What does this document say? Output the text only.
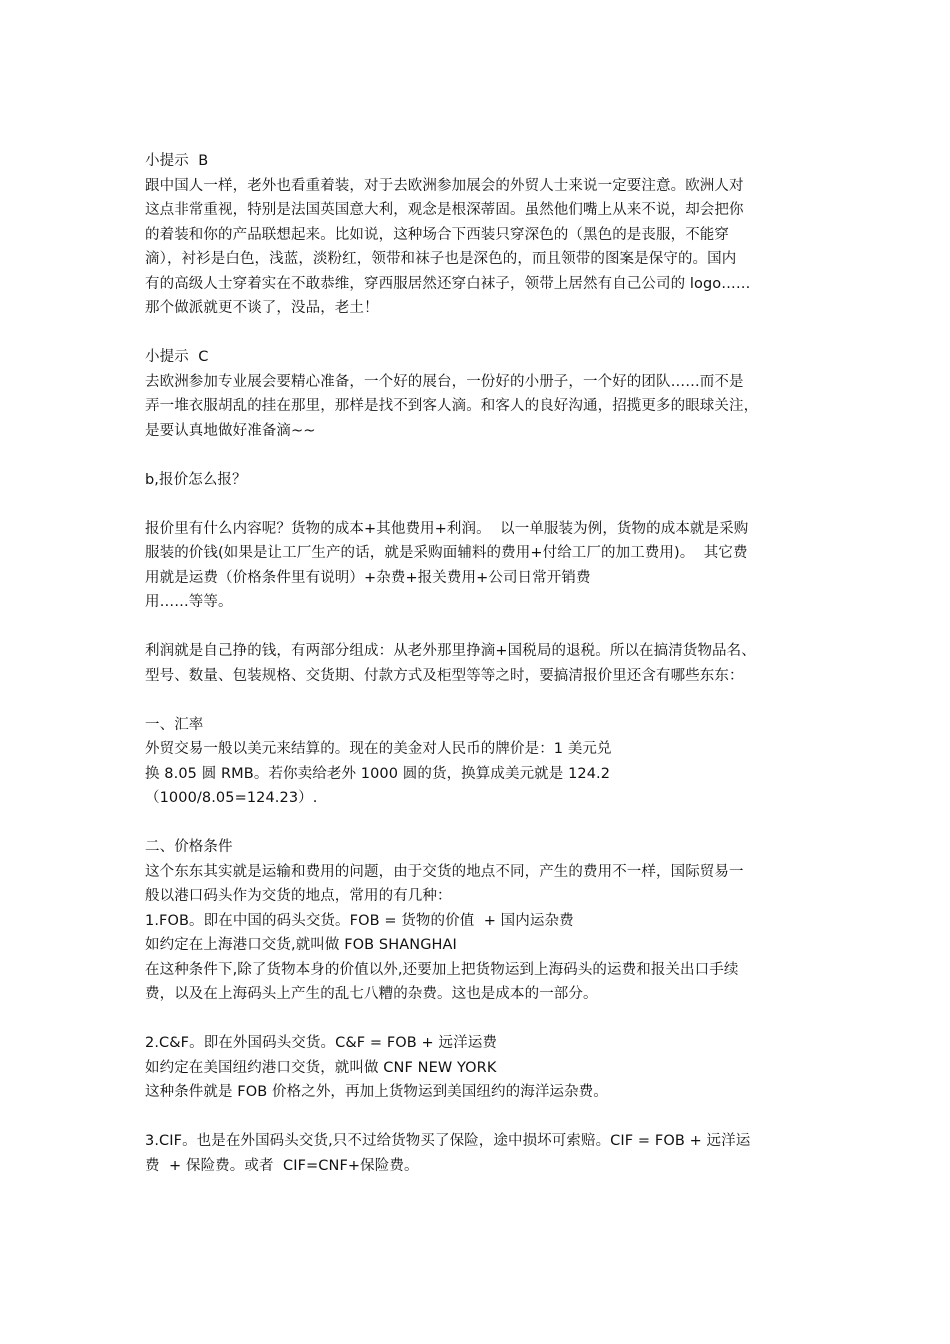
小提示  B
跟中国人一样，老外也看重着装，对于去欧洲参加展会的外贸人士来说一定要注意。欧洲人对
这点非常重视，特别是法国英国意大利，观念是根深蒂固。虽然他们嘴上从来不说，却会把你
的着装和你的产品联想起来。比如说，这种场合下西装只穿深色的（黑色的是丧服，不能穿
滴），衬衫是白色，浅蓝，淡粉红，领带和袜子也是深色的，而且领带的图案是保守的。国内
有的高级人士穿着实在不敢恭维，穿西服居然还穿白袜子，领带上居然有自己公司的 logo……
那个做派就更不谈了，没品，老土！
小提示  C
去欧洲参加专业展会要精心准备，一个好的展台，一份好的小册子，一个好的团队……而不是
弄一堆衣服胡乱的挂在那里，那样是找不到客人滴。和客人的良好沟通，招揽更多的眼球关注，
是要认真地做好准备滴~~
b,报价怎么报？
报价里有什么内容呢？货物的成本+其他费用+利润。  以一单服装为例，货物的成本就是采购
服装的价钱(如果是让工厂生产的话，就是采购面辅料的费用+付给工厂的加工费用)。  其它费
用就是运费（价格条件里有说明）+杂费+报关费用+公司日常开销费
用……等等。
利润就是自己挣的钱，有两部分组成：从老外那里挣滴+国税局的退税。所以在搞清货物品名、
型号、数量、包装规格、交货期、付款方式及柜型等等之时，要搞清报价里还含有哪些东东：
一、汇率
外贸交易一般以美元来结算的。现在的美金对人民币的牌价是：1 美元兑
换 8.05 圆 RMB。若你卖给老外 1000 圆的货，换算成美元就是 124.2
（1000/8.05=124.23）.
二、价格条件
这个东东其实就是运输和费用的问题，由于交货的地点不同，产生的费用不一样，国际贸易一
般以港口码头作为交货的地点，常用的有几种：
1.FOB。即在中国的码头交货。FOB = 货物的价值  + 国内运杂费
如约定在上海港口交货,就叫做 FOB SHANGHAI
在这种条件下,除了货物本身的价值以外,还要加上把货物运到上海码头的运费和报关出口手续
费，以及在上海码头上产生的乱七八糟的杂费。这也是成本的一部分。
2.C&F。即在外国码头交货。C&F = FOB + 远洋运费
如约定在美国纽约港口交货，就叫做 CNF NEW YORK
这种条件就是 FOB 价格之外，再加上货物运到美国纽约的海洋运杂费。
3.CIF。也是在外国码头交货,只不过给货物买了保险，途中损坏可索赔。CIF = FOB + 远洋运
费  + 保险费。或者  CIF=CNF+保险费。
